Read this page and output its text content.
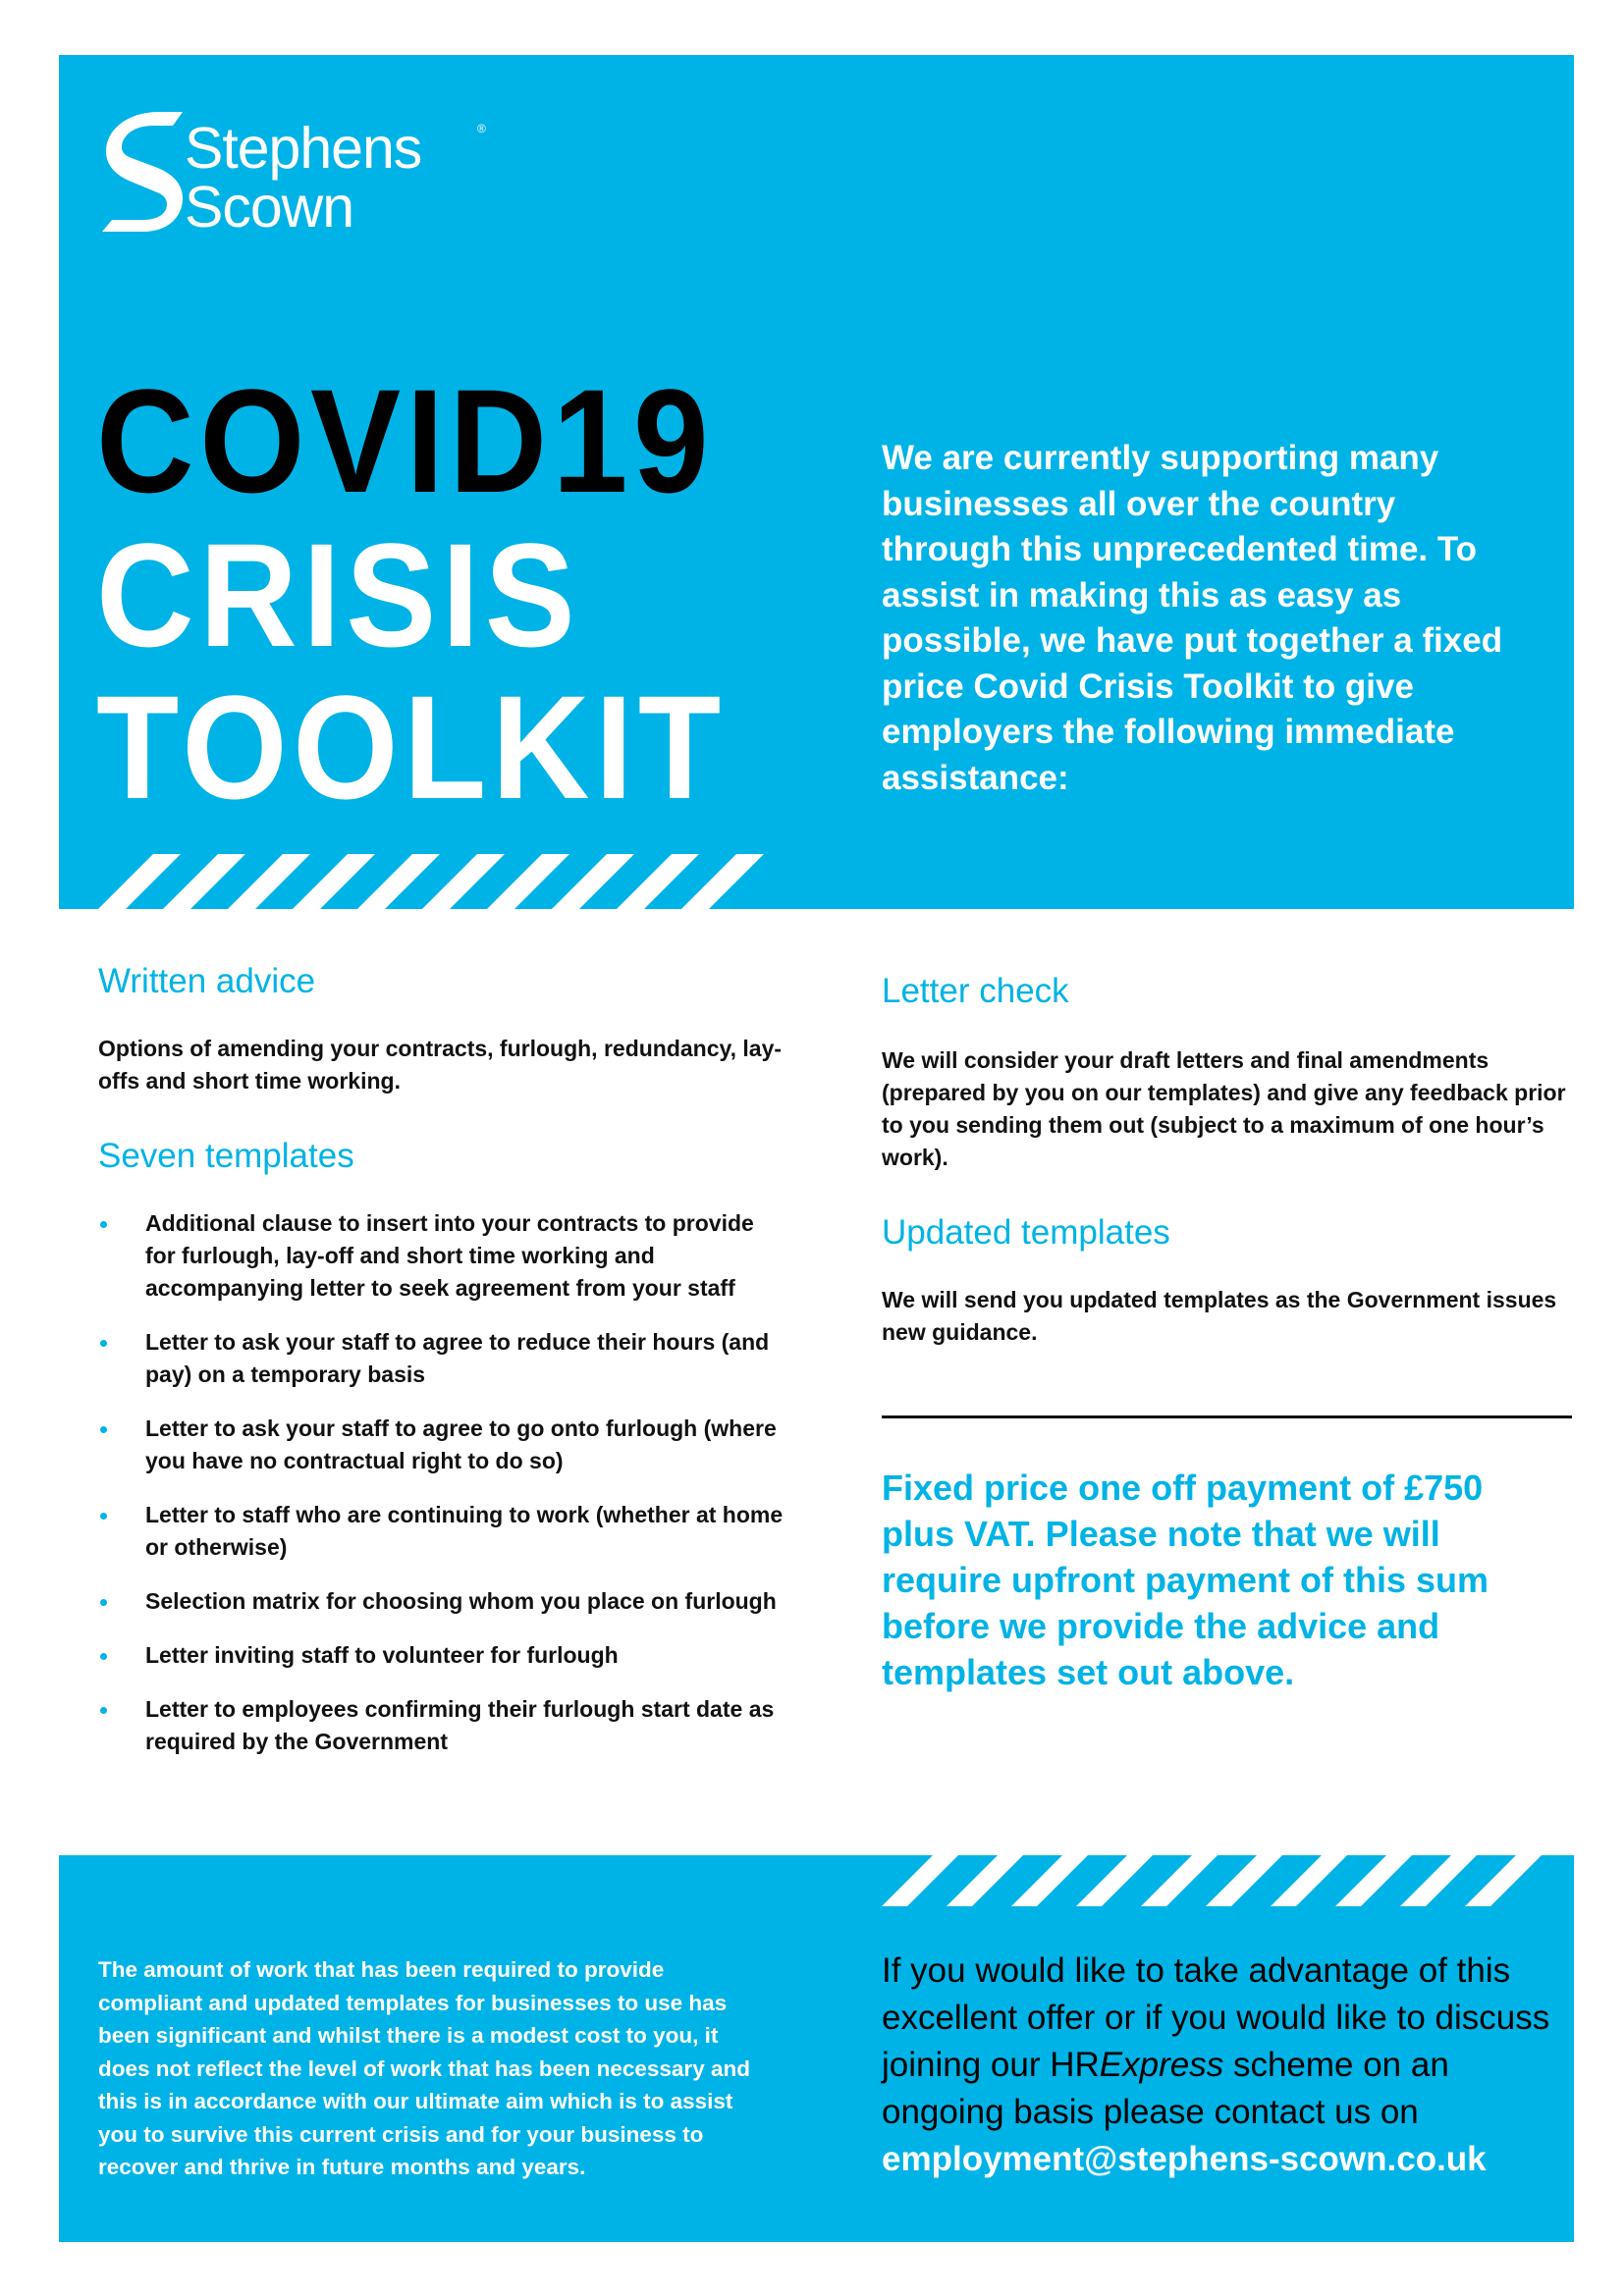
Stephens	®
Scown
COVID19
CRISIS
TOOLKIT
We are currently supporting many businesses all over the country through this unprecedented time. To assist in making this as easy as possible, we have put together a fixed price Covid Crisis Toolkit to give employers the following immediate assistance:
Written advice

Options of amending your contracts, furlough, redundancy, lay-offs and short time working.

Seven templates
Additional clause to insert into your contracts to provide for furlough, lay-off and short time working and accompanying letter to seek agreement from your staff
Letter to ask your staff to agree to reduce their hours (and pay) on a temporary basis
Letter to ask your staff to agree to go onto furlough (where you have no contractual right to do so)
Letter to staff who are continuing to work (whether at home or otherwise)
Selection matrix for choosing whom you place on furlough
Letter inviting staff to volunteer for furlough
Letter to employees confirming their furlough start date as required by the Government
Letter check

We will consider your draft letters and final amendments (prepared by you on our templates) and give any feedback prior to you sending them out (subject to a maximum of one hour’s work).

Updated templates

We will send you updated templates as the Government issues new guidance.

Fixed price one off payment of £750 plus VAT. Please note that we will require upfront payment of this sum before we provide the advice and templates set out above.
The amount of work that has been required to provide compliant and updated templates for businesses to use has been significant and whilst there is a modest cost to you, it does not reflect the level of work that has been necessary and this is in accordance with our ultimate aim which is to assist you to survive this current crisis and for your business to recover and thrive in future months and years.
If you would like to take advantage of this excellent offer or if you would like to discuss joining our HRExpress scheme on an ongoing basis please contact us on
employment@stephens-scown.co.uk
